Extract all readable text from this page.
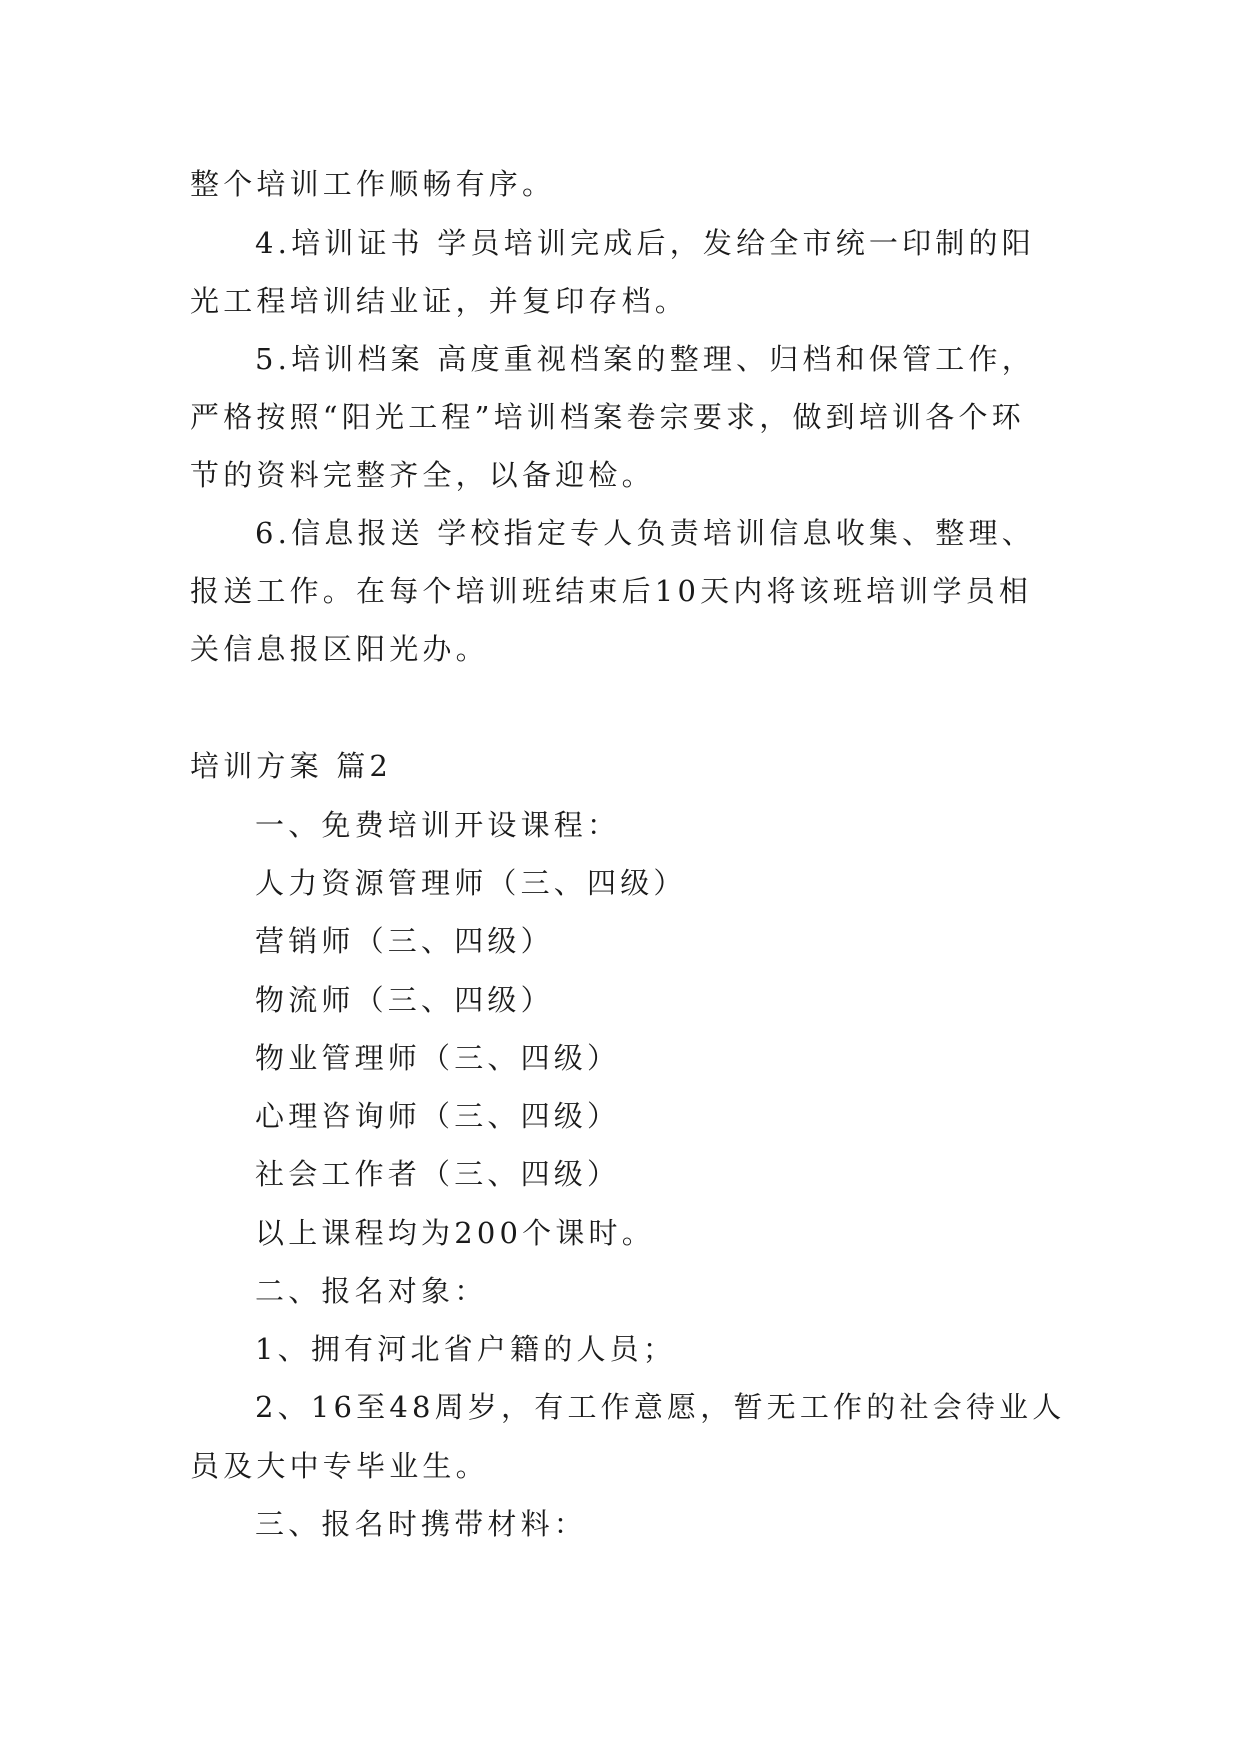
整个培训工作顺畅有序。
4.培训证书 学员培训完成后，发给全市统一印制的阳
光工程培训结业证，并复印存档。
5.培训档案 高度重视档案的整理、归档和保管工作，
严格按照“阳光工程”培训档案卷宗要求，做到培训各个环
节的资料完整齐全，以备迎检。
6.信息报送 学校指定专人负责培训信息收集、整理、
报送工作。在每个培训班结束后10天内将该班培训学员相
关信息报区阳光办。
培训方案 篇2
一、免费培训开设课程：
人力资源管理师（三、四级）
营销师（三、四级）
物流师（三、四级）
物业管理师（三、四级）
心理咨询师（三、四级）
社会工作者（三、四级）
以上课程均为200个课时。
二、报名对象：
1、拥有河北省户籍的人员；
2、16至48周岁，有工作意愿，暂无工作的社会待业人
员及大中专毕业生。
三、报名时携带材料：
